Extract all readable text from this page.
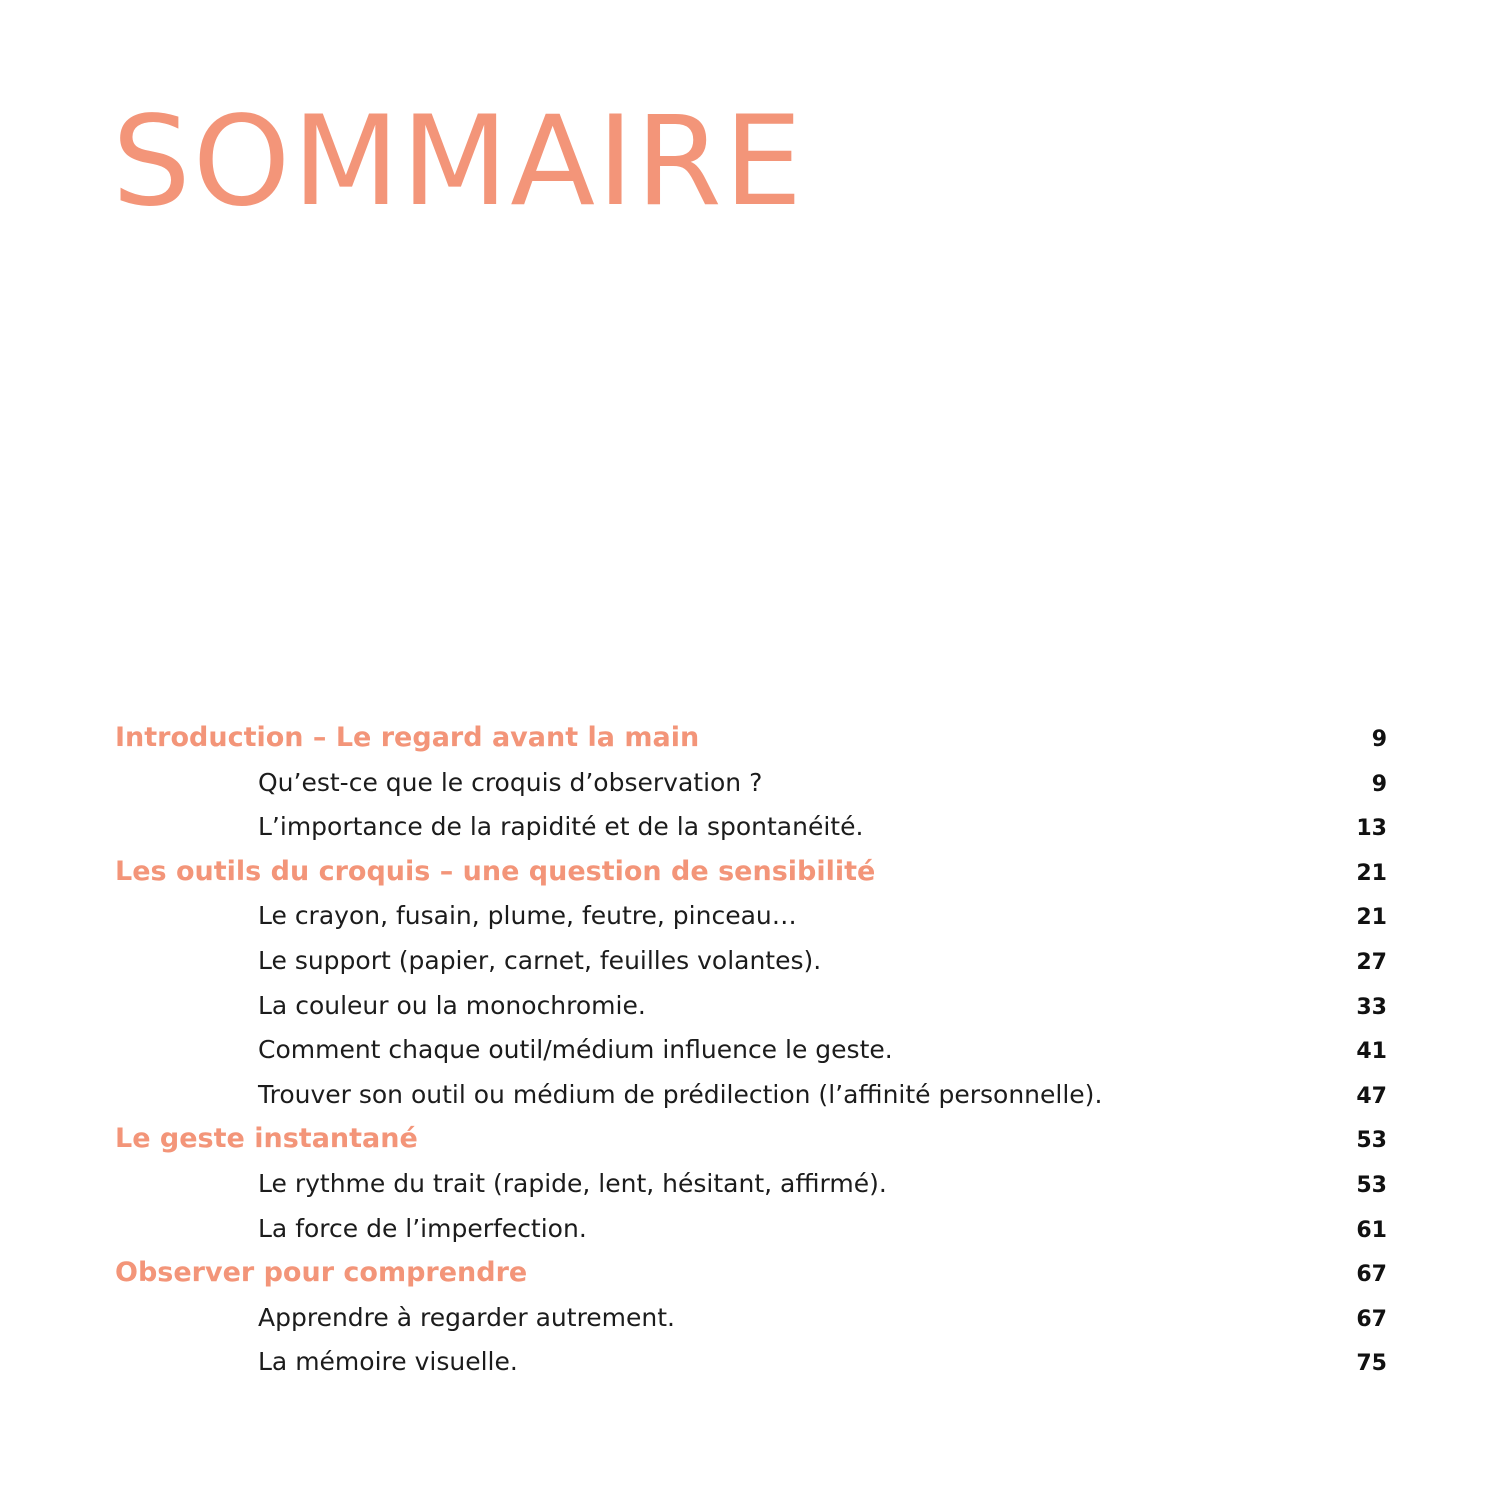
SOMMAIRE
Introduction – Le regard avant la main	9
Qu’est-ce que le croquis d’observation ?	9
L’importance de la rapidité et de la spontanéité.	13
Les outils du croquis – une question de sensibilité	21
Le crayon, fusain, plume, feutre, pinceau…	21
Le support (papier, carnet, feuilles volantes).	27
La couleur ou la monochromie.	33
Comment chaque outil/médium influence le geste.	41
Trouver son outil ou médium de prédilection (l’affinité personnelle).	47
Le geste instantané	53
Le rythme du trait (rapide, lent, hésitant, affirmé).	53
La force de l’imperfection.	61
Observer pour comprendre	67
Apprendre à regarder autrement.	67
La mémoire visuelle.	75
